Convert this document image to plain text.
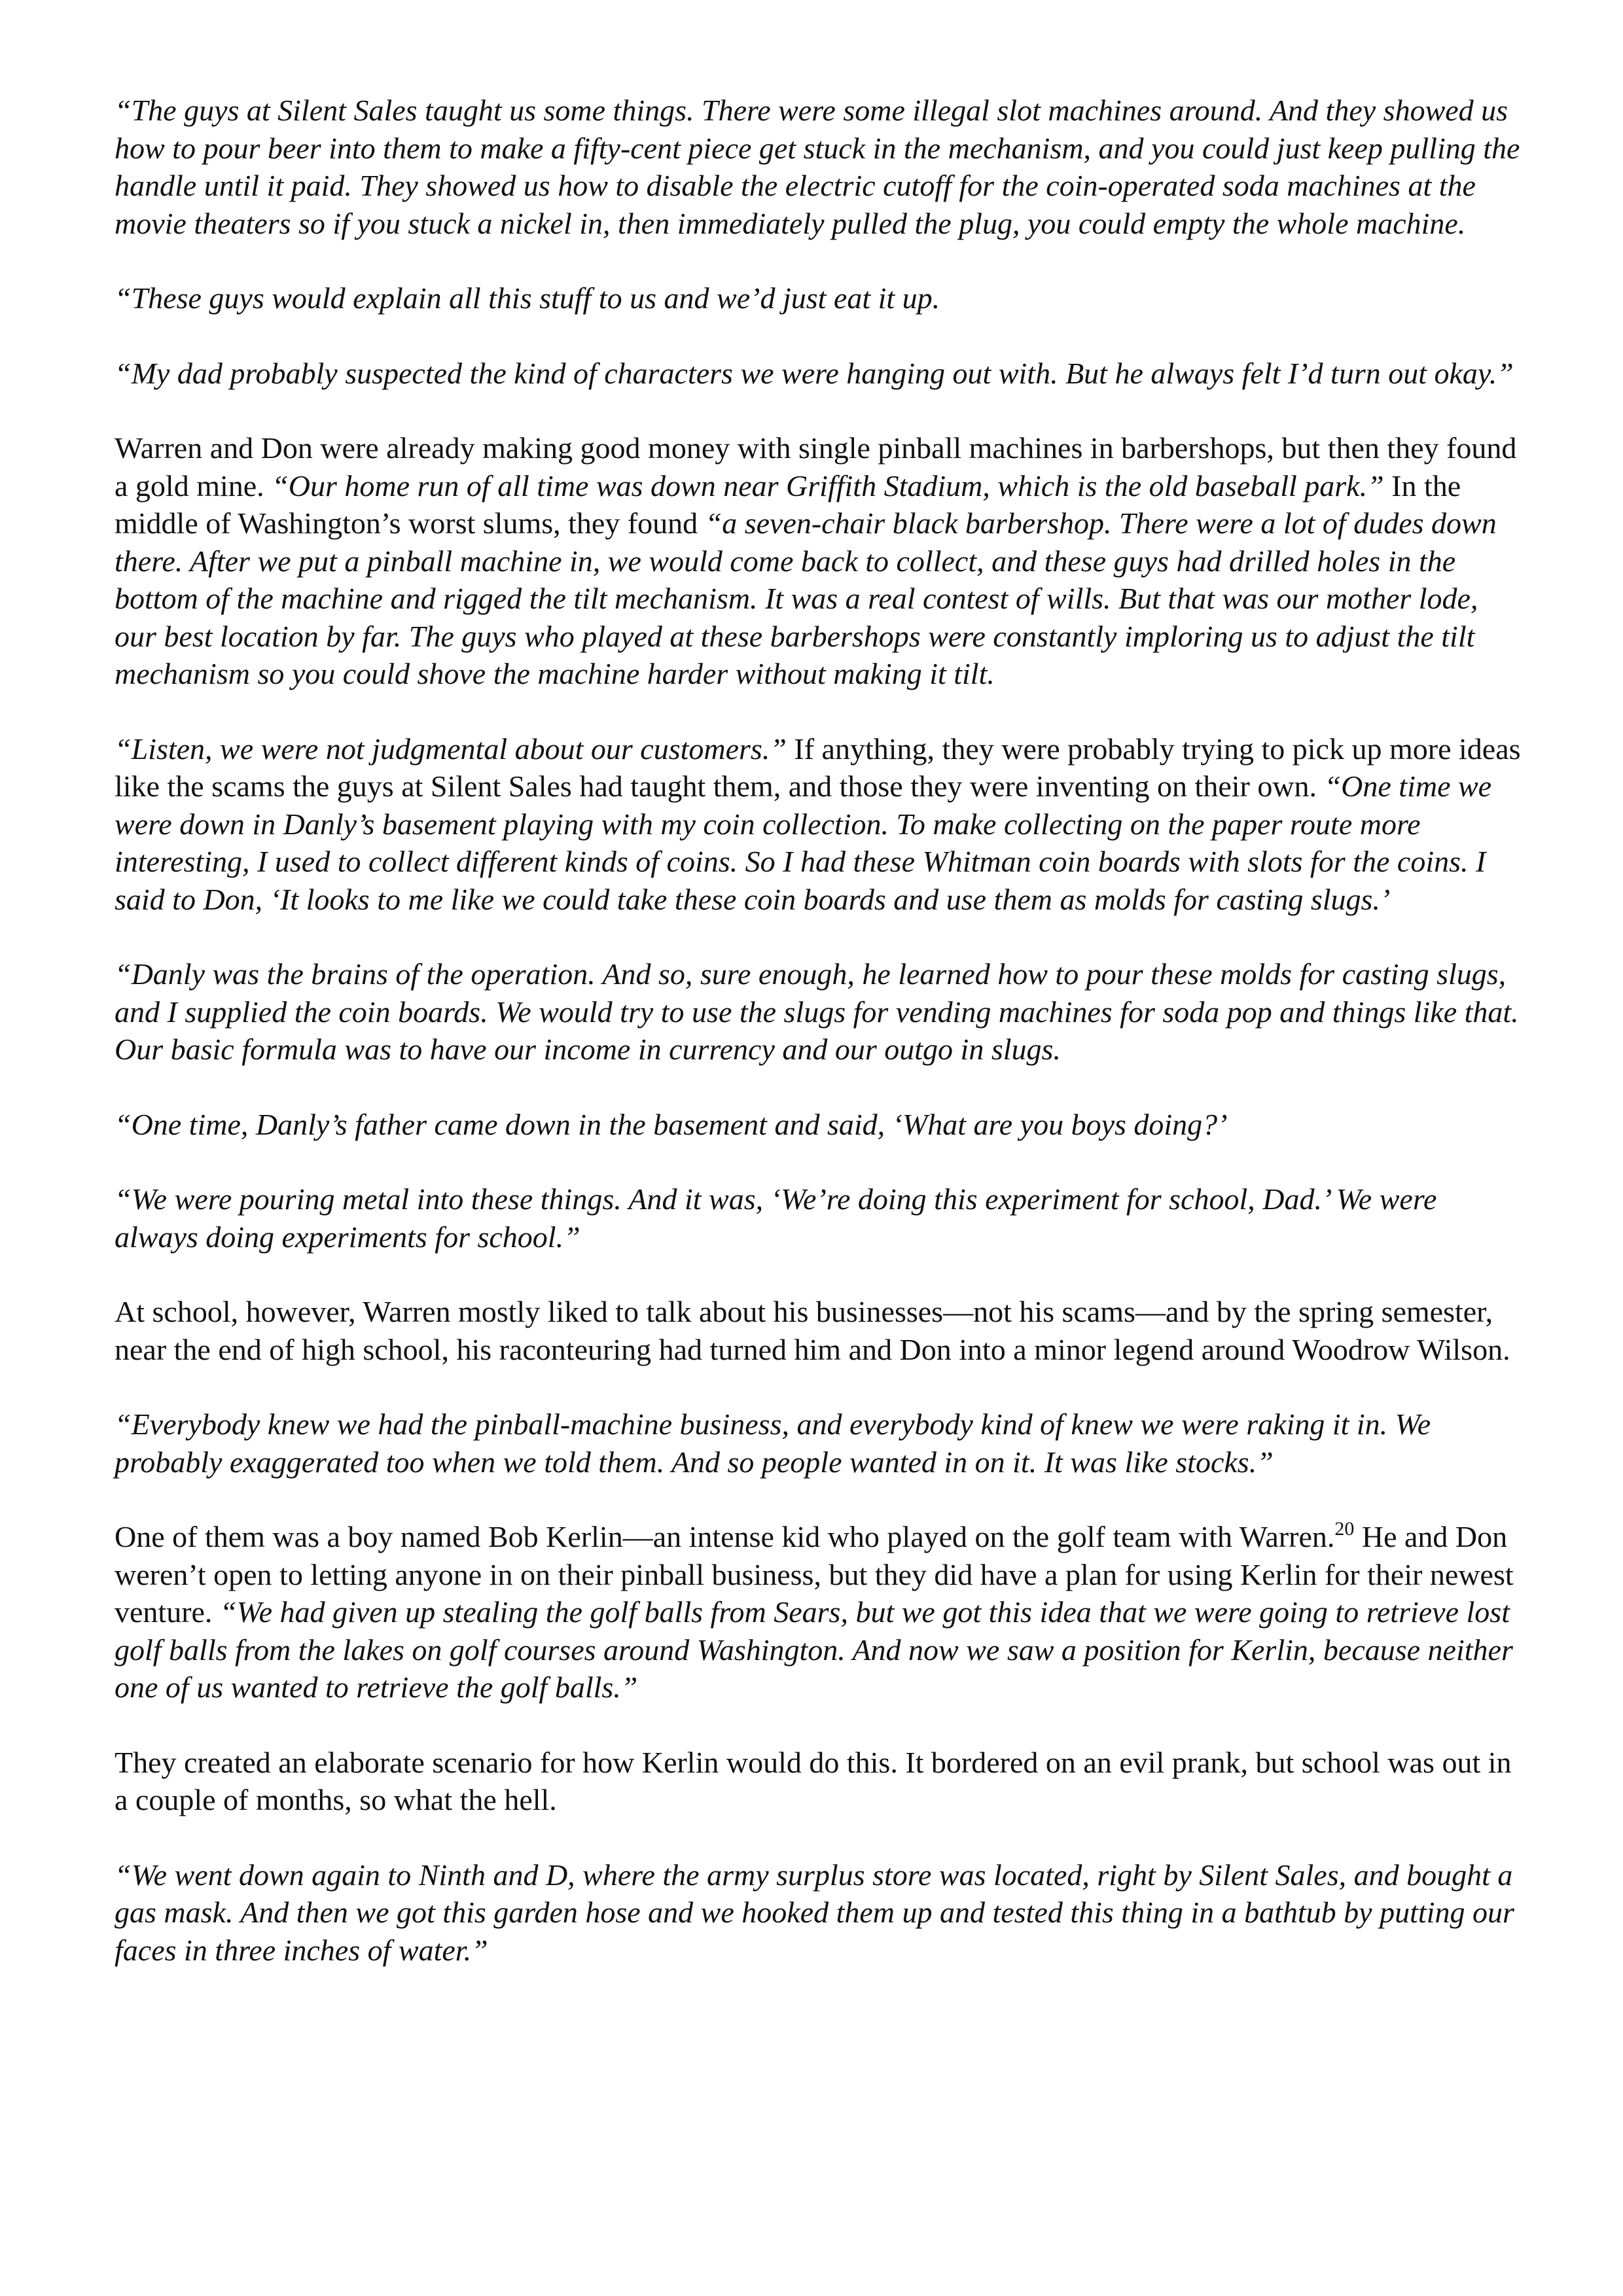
“The guys at Silent Sales taught us some things. There were some illegal slot machines around. And they showed us how to pour beer into them to make a fifty-cent piece get stuck in the mechanism, and you could just keep pulling the handle until it paid. They showed us how to disable the electric cutoff for the coin-operated soda machines at the movie theaters so if you stuck a nickel in, then immediately pulled the plug, you could empty the whole machine.

“These guys would explain all this stuff to us and we’d just eat it up.

“My dad probably suspected the kind of characters we were hanging out with. But he always felt I’d turn out okay.”

Warren and Don were already making good money with single pinball machines in barbershops, but then they found a gold mine. “Our home run of all time was down near Griffith Stadium, which is the old baseball park.” In the middle of Washington’s worst slums, they found “a seven-chair black barbershop. There were a lot of dudes down there. After we put a pinball machine in, we would come back to collect, and these guys had drilled holes in the bottom of the machine and rigged the tilt mechanism. It was a real contest of wills. But that was our mother lode, our best location by far. The guys who played at these barbershops were constantly imploring us to adjust the tilt mechanism so you could shove the machine harder without making it tilt.

“Listen, we were not judgmental about our customers.” If anything, they were probably trying to pick up more ideas like the scams the guys at Silent Sales had taught them, and those they were inventing on their own. “One time we were down in Danly’s basement playing with my coin collection. To make collecting on the paper route more interesting, I used to collect different kinds of coins. So I had these Whitman coin boards with slots for the coins. I said to Don, ‘It looks to me like we could take these coin boards and use them as molds for casting slugs.’

“Danly was the brains of the operation. And so, sure enough, he learned how to pour these molds for casting slugs, and I supplied the coin boards. We would try to use the slugs for vending machines for soda pop and things like that. Our basic formula was to have our income in currency and our outgo in slugs.

“One time, Danly’s father came down in the basement and said, ‘What are you boys doing?’

“We were pouring metal into these things. And it was, ‘We’re doing this experiment for school, Dad.’ We were always doing experiments for school.”

At school, however, Warren mostly liked to talk about his businesses—not his scams—and by the spring semester, near the end of high school, his raconteuring had turned him and Don into a minor legend around Woodrow Wilson.

“Everybody knew we had the pinball-machine business, and everybody kind of knew we were raking it in. We probably exaggerated too when we told them. And so people wanted in on it. It was like stocks.”

One of them was a boy named Bob Kerlin—an intense kid who played on the golf team with Warren.$^{20}$ He and Don weren’t open to letting anyone in on their pinball business, but they did have a plan for using Kerlin for their newest venture. “We had given up stealing the golf balls from Sears, but we got this idea that we were going to retrieve lost golf balls from the lakes on golf courses around Washington. And now we saw a position for Kerlin, because neither one of us wanted to retrieve the golf balls.”

They created an elaborate scenario for how Kerlin would do this. It bordered on an evil prank, but school was out in a couple of months, so what the hell.

“We went down again to Ninth and D, where the army surplus store was located, right by Silent Sales, and bought a gas mask. And then we got this garden hose and we hooked them up and tested this thing in a bathtub by putting our faces in three inches of water.”
